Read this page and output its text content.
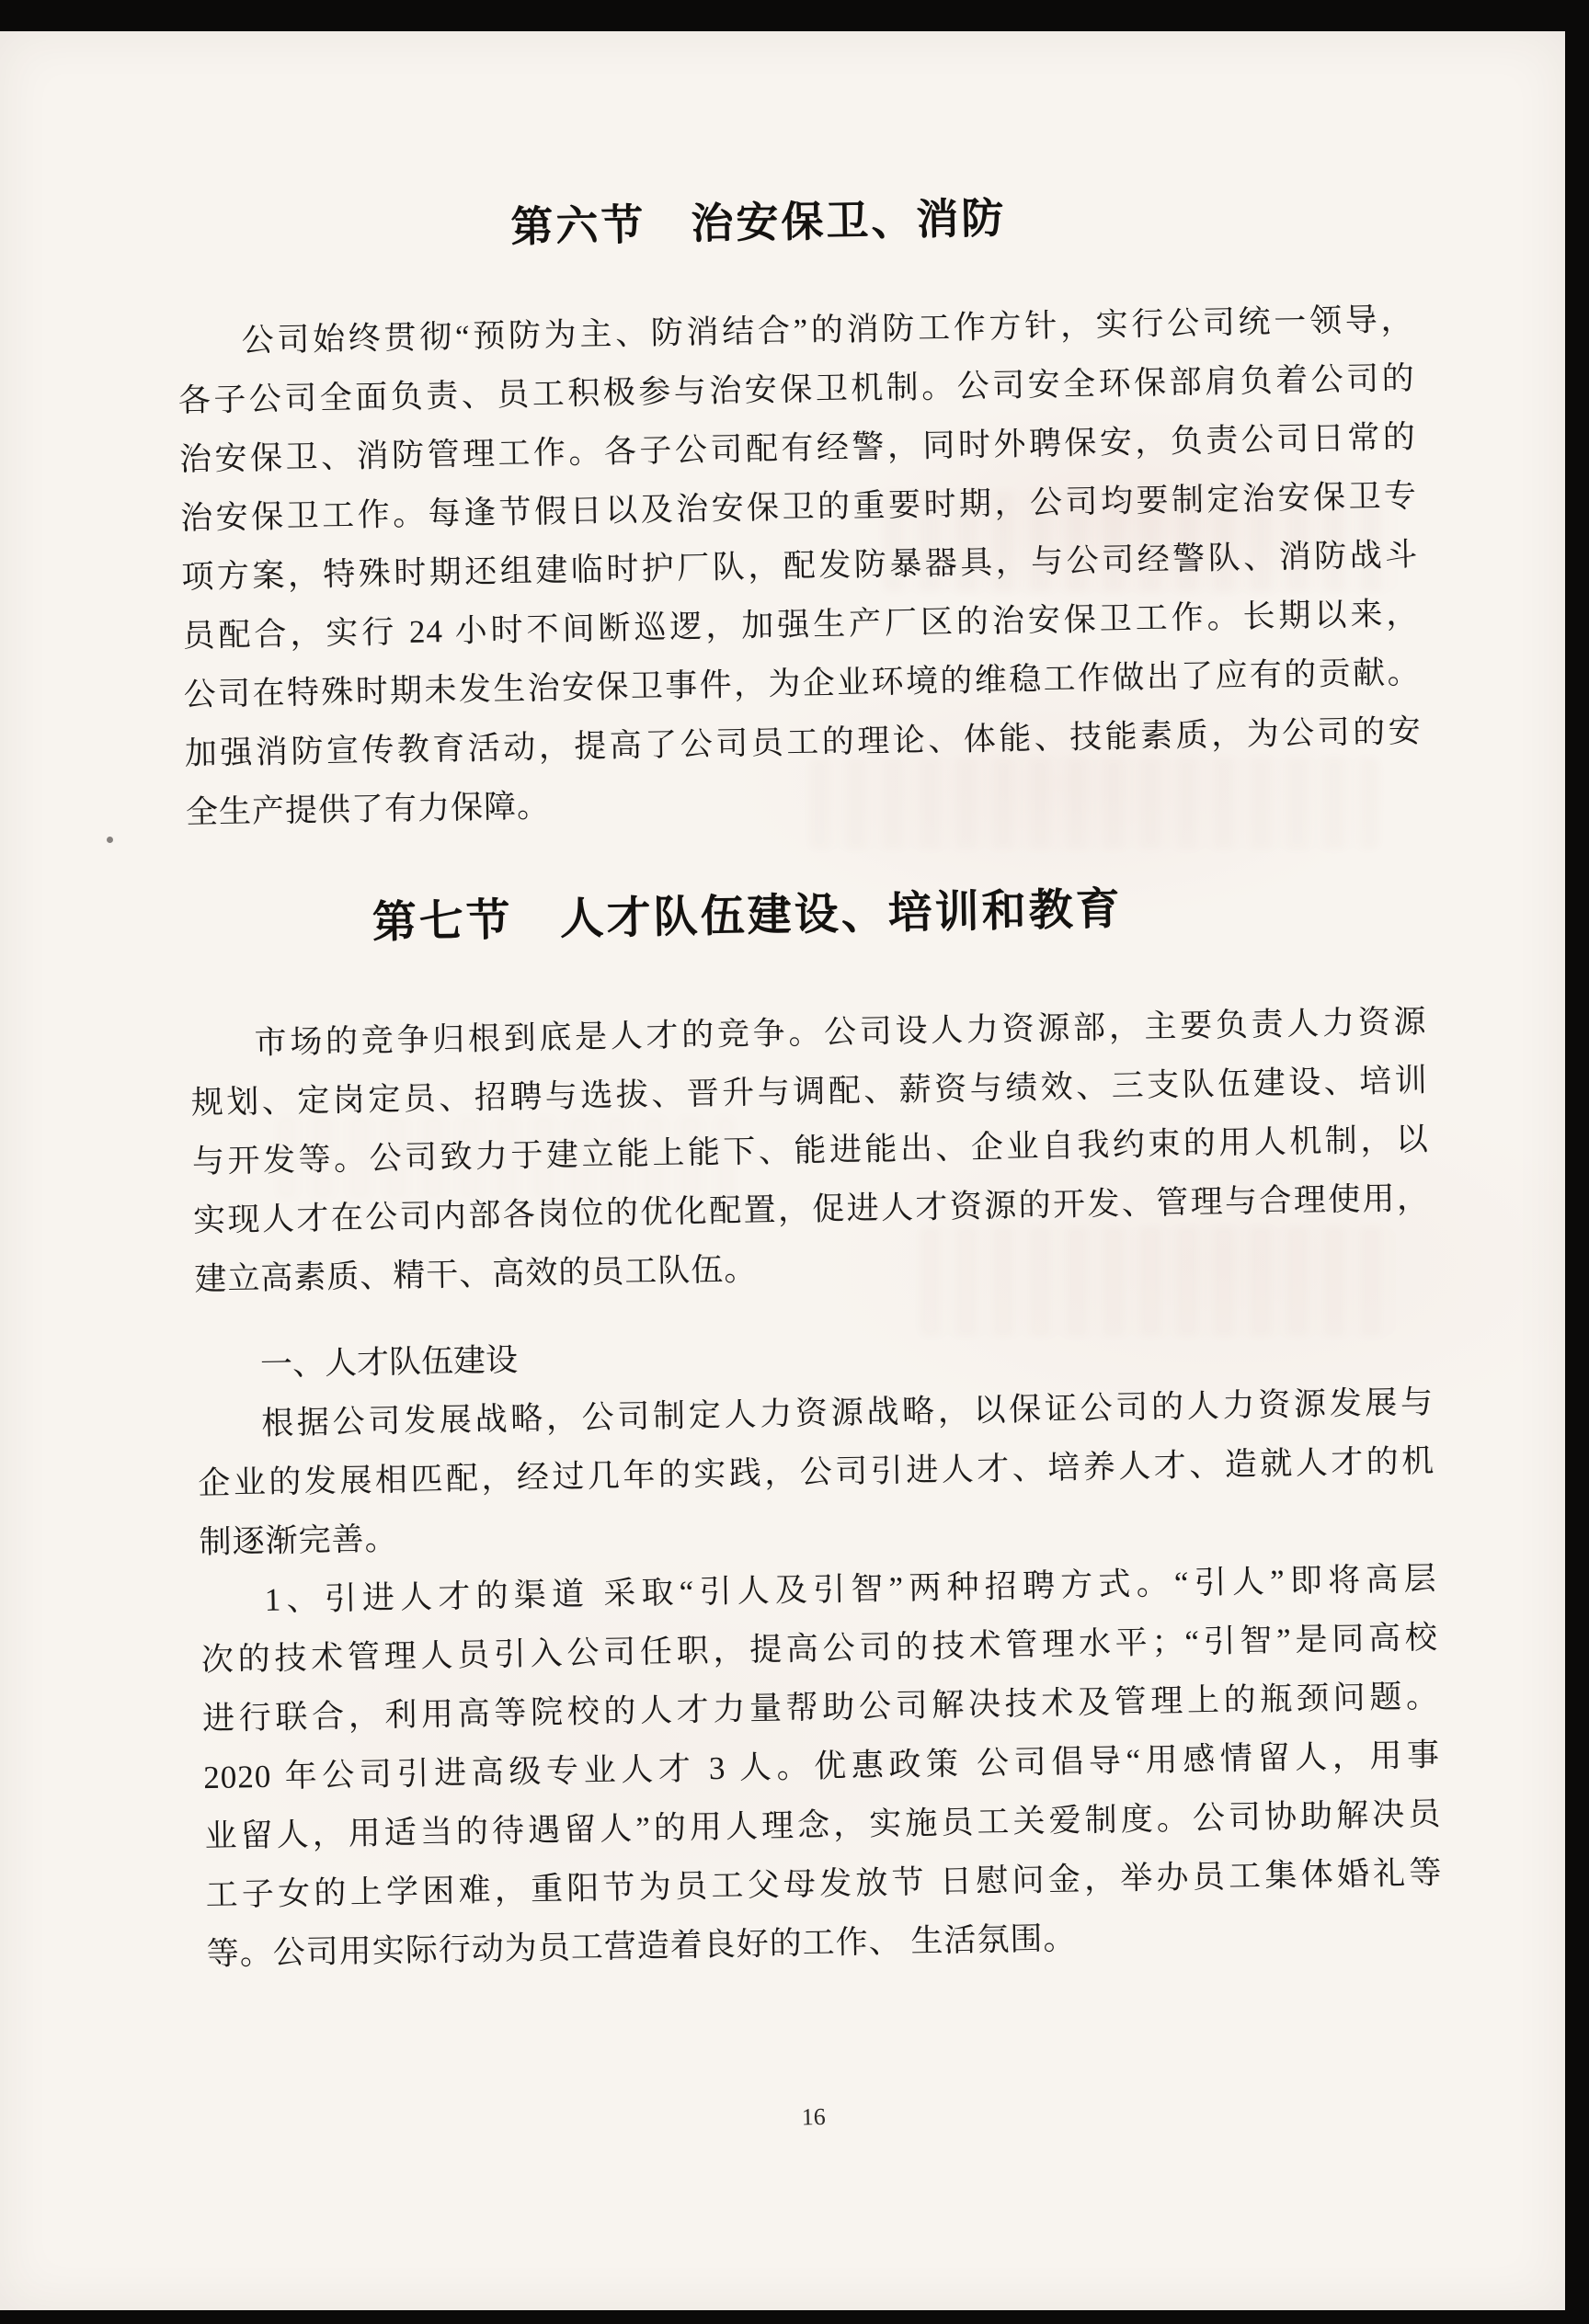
第六节　治安保卫、消防
公司始终贯彻“预防为主、防消结合”的消防工作方针，实行公司统一领导，
各子公司全面负责、员工积极参与治安保卫机制。公司安全环保部肩负着公司的
治安保卫、消防管理工作。各子公司配有经警，同时外聘保安，负责公司日常的
治安保卫工作。每逢节假日以及治安保卫的重要时期，公司均要制定治安保卫专
项方案，特殊时期还组建临时护厂队，配发防暴器具，与公司经警队、消防战斗
员配合，实行 24 小时不间断巡逻，加强生产厂区的治安保卫工作。长期以来，
公司在特殊时期未发生治安保卫事件，为企业环境的维稳工作做出了应有的贡献。
加强消防宣传教育活动，提高了公司员工的理论、体能、技能素质，为公司的安
全生产提供了有力保障。
第七节　人才队伍建设、培训和教育
市场的竞争归根到底是人才的竞争。公司设人力资源部，主要负责人力资源
规划、定岗定员、招聘与选拔、晋升与调配、薪资与绩效、三支队伍建设、培训
与开发等。公司致力于建立能上能下、能进能出、企业自我约束的用人机制，以
实现人才在公司内部各岗位的优化配置，促进人才资源的开发、管理与合理使用，
建立高素质、精干、高效的员工队伍。
一、人才队伍建设
根据公司发展战略，公司制定人力资源战略，以保证公司的人力资源发展与
企业的发展相匹配，经过几年的实践，公司引进人才、培养人才、造就人才的机
制逐渐完善。
1、引进人才的渠道 采取“引人及引智”两种招聘方式。“引人”即将高层
次的技术管理人员引入公司任职，提高公司的技术管理水平；“引智”是同高校
进行联合，利用高等院校的人才力量帮助公司解决技术及管理上的瓶颈问题。
2020 年公司引进高级专业人才 3 人。优惠政策 公司倡导“用感情留人，用事
业留人，用适当的待遇留人”的用人理念，实施员工关爱制度。公司协助解决员
工子女的上学困难，重阳节为员工父母发放节 日慰问金，举办员工集体婚礼等
等。公司用实际行动为员工营造着良好的工作、 生活氛围。
16
